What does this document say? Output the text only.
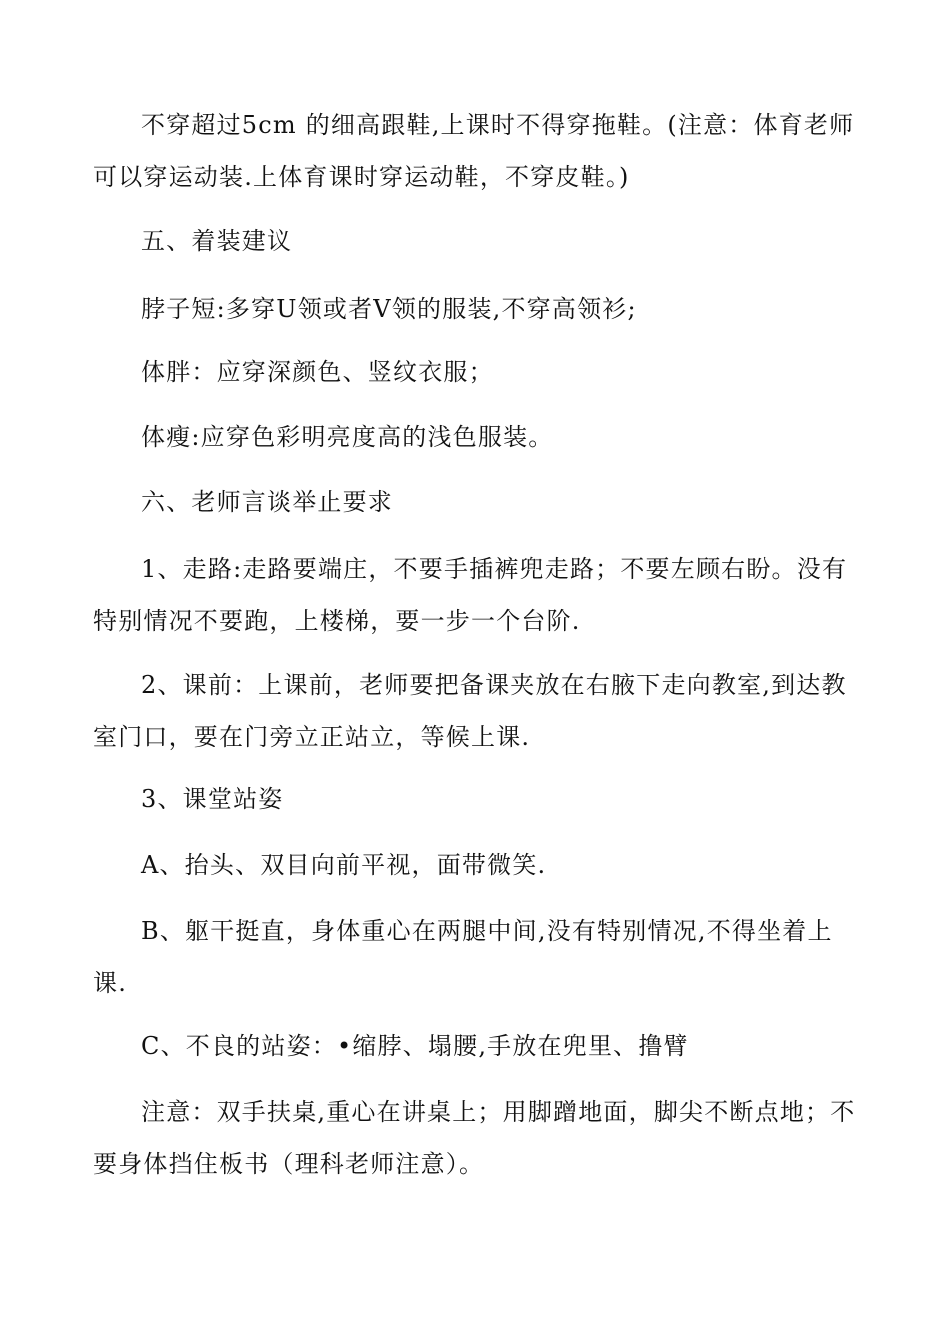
不穿超过5cm 的细高跟鞋,上课时不得穿拖鞋。(注意：体育老师可以穿运动装.上体育课时穿运动鞋，不穿皮鞋。)

五、着装建议

脖子短:多穿U领或者V领的服装,不穿高领衫;

体胖：应穿深颜色、竖纹衣服；

体瘦:应穿色彩明亮度高的浅色服装。

六、老师言谈举止要求

1、走路:走路要端庄，不要手插裤兜走路；不要左顾右盼。没有特别情况不要跑，上楼梯，要一步一个台阶.

2、课前：上课前，老师要把备课夹放在右腋下走向教室,到达教室门口，要在门旁立正站立，等候上课.

3、课堂站姿

A、抬头、双目向前平视，面带微笑.

B、躯干挺直，身体重心在两腿中间,没有特别情况,不得坐着上课.

C、不良的站姿：•缩脖、塌腰,手放在兜里、撸臂

注意：双手扶桌,重心在讲桌上；用脚蹭地面，脚尖不断点地；不要身体挡住板书（理科老师注意）。
